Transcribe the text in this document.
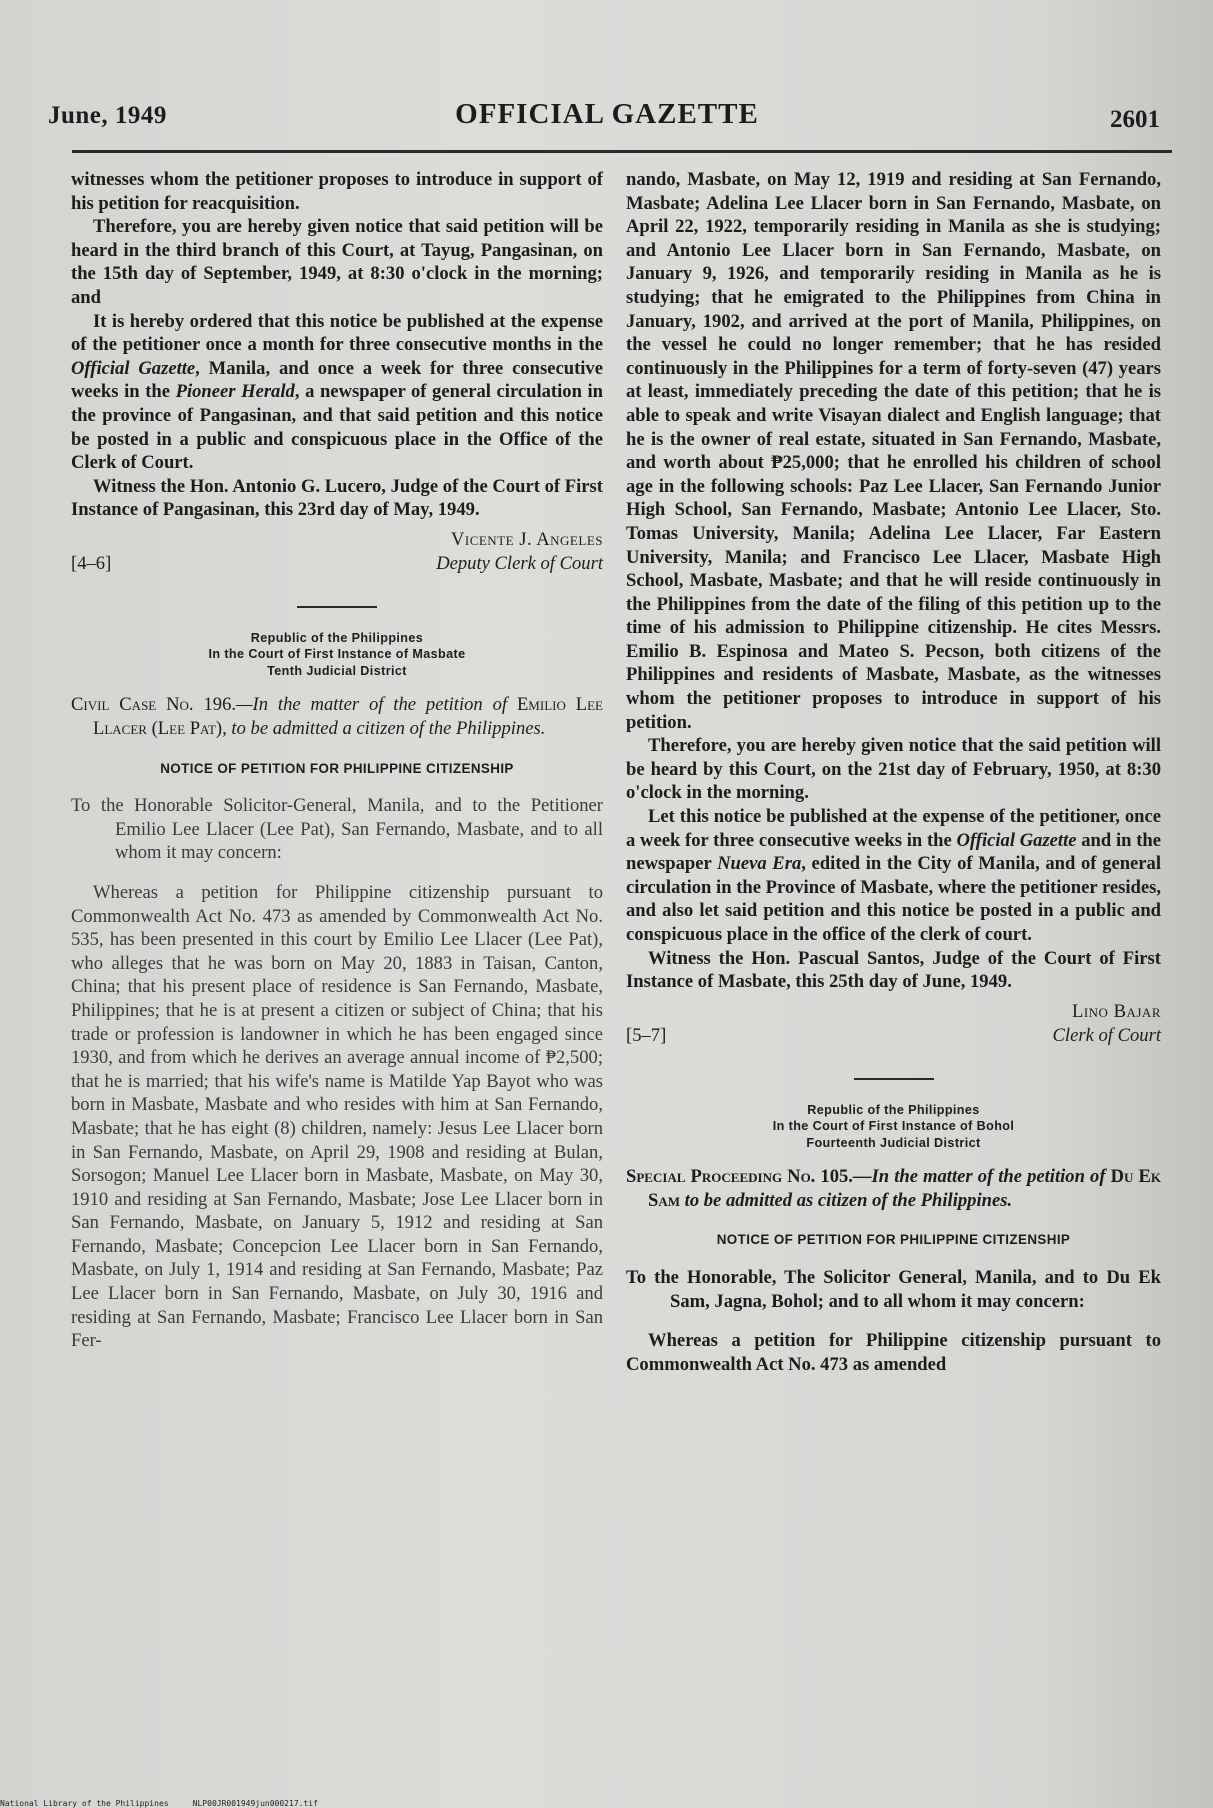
June, 1949	OFFICIAL GAZETTE	2601

witnesses whom the petitioner proposes to introduce in support of his petition for reacquisition.

Therefore, you are hereby given notice that said petition will be heard in the third branch of this Court, at Tayug, Pangasinan, on the 15th day of September, 1949, at 8:30 o'clock in the morning; and

It is hereby ordered that this notice be published at the expense of the petitioner once a month for three consecutive months in the Official Gazette, Manila, and once a week for three consecutive weeks in the Pioneer Herald, a newspaper of general circulation in the province of Pangasinan, and that said petition and this notice be posted in a public and conspicuous place in the Office of the Clerk of Court.

Witness the Hon. Antonio G. Lucero, Judge of the Court of First Instance of Pangasinan, this 23rd day of May, 1949.

Vicente J. Angeles
Deputy Clerk of Court
[4–6]
Republic of the Philippines
In the Court of First Instance of Masbate
Tenth Judicial District

Civil Case No. 196.—In the matter of the petition of Emilio Lee Llacer (Lee Pat), to be admitted a citizen of the Philippines.

NOTICE OF PETITION FOR PHILIPPINE CITIZENSHIP

To the Honorable Solicitor-General, Manila, and to the Petitioner Emilio Lee Llacer (Lee Pat), San Fernando, Masbate, and to all whom it may concern:

Whereas a petition for Philippine citizenship pursuant to Commonwealth Act No. 473 as amended by Commonwealth Act No. 535, has been presented in this court by Emilio Lee Llacer (Lee Pat), who alleges that he was born on May 20, 1883 in Taisan, Canton, China; that his present place of residence is San Fernando, Masbate, Philippines; that he is at present a citizen or subject of China; that his trade or profession is landowner in which he has been engaged since 1930, and from which he derives an average annual income of ₱2,500; that he is married; that his wife's name is Matilde Yap Bayot who was born in Masbate, Masbate and who resides with him at San Fernando, Masbate; that he has eight (8) children, namely: Jesus Lee Llacer born in San Fernando, Masbate, on April 29, 1908 and residing at Bulan, Sorsogon; Manuel Lee Llacer born in Masbate, Masbate, on May 30, 1910 and residing at San Fernando, Masbate; Jose Lee Llacer born in San Fernando, Masbate, on January 5, 1912 and residing at San Fernando, Masbate; Concepcion Lee Llacer born in San Fernando, Masbate, on July 1, 1914 and residing at San Fernando, Masbate; Paz Lee Llacer born in San Fernando, Masbate, on July 30, 1916 and residing at San Fernando, Masbate; Francisco Lee Llacer born in San Fer-

nando, Masbate, on May 12, 1919 and residing at San Fernando, Masbate; Adelina Lee Llacer born in San Fernando, Masbate, on April 22, 1922, temporarily residing in Manila as she is studying; and Antonio Lee Llacer born in San Fernando, Masbate, on January 9, 1926, and temporarily residing in Manila as he is studying; that he emigrated to the Philippines from China in January, 1902, and arrived at the port of Manila, Philippines, on the vessel he could no longer remember; that he has resided continuously in the Philippines for a term of forty-seven (47) years at least, immediately preceding the date of this petition; that he is able to speak and write Visayan dialect and English language; that he is the owner of real estate, situated in San Fernando, Masbate, and worth about ₱25,000; that he enrolled his children of school age in the following schools: Paz Lee Llacer, San Fernando Junior High School, San Fernando, Masbate; Antonio Lee Llacer, Sto. Tomas University, Manila; Adelina Lee Llacer, Far Eastern University, Manila; and Francisco Lee Llacer, Masbate High School, Masbate, Masbate; and that he will reside continuously in the Philippines from the date of the filing of this petition up to the time of his admission to Philippine citizenship. He cites Messrs. Emilio B. Espinosa and Mateo S. Pecson, both citizens of the Philippines and residents of Masbate, Masbate, as the witnesses whom the petitioner proposes to introduce in support of his petition.

Therefore, you are hereby given notice that the said petition will be heard by this Court, on the 21st day of February, 1950, at 8:30 o'clock in the morning.

Let this notice be published at the expense of the petitioner, once a week for three consecutive weeks in the Official Gazette and in the newspaper Nueva Era, edited in the City of Manila, and of general circulation in the Province of Masbate, where the petitioner resides, and also let said petition and this notice be posted in a public and conspicuous place in the office of the clerk of court.

Witness the Hon. Pascual Santos, Judge of the Court of First Instance of Masbate, this 25th day of June, 1949.

Lino Bajar
Clerk of Court
[5–7]
Republic of the Philippines
In the Court of First Instance of Bohol
Fourteenth Judicial District

Special Proceeding No. 105.—In the matter of the petition of Du Ek Sam to be admitted as citizen of the Philippines.

NOTICE OF PETITION FOR PHILIPPINE CITIZENSHIP

To the Honorable, The Solicitor General, Manila, and to Du Ek Sam, Jagna, Bohol; and to all whom it may concern:

Whereas a petition for Philippine citizenship pursuant to Commonwealth Act No. 473 as amended

National Library of the Philippines	NLP00JR001949jun000217.tif
